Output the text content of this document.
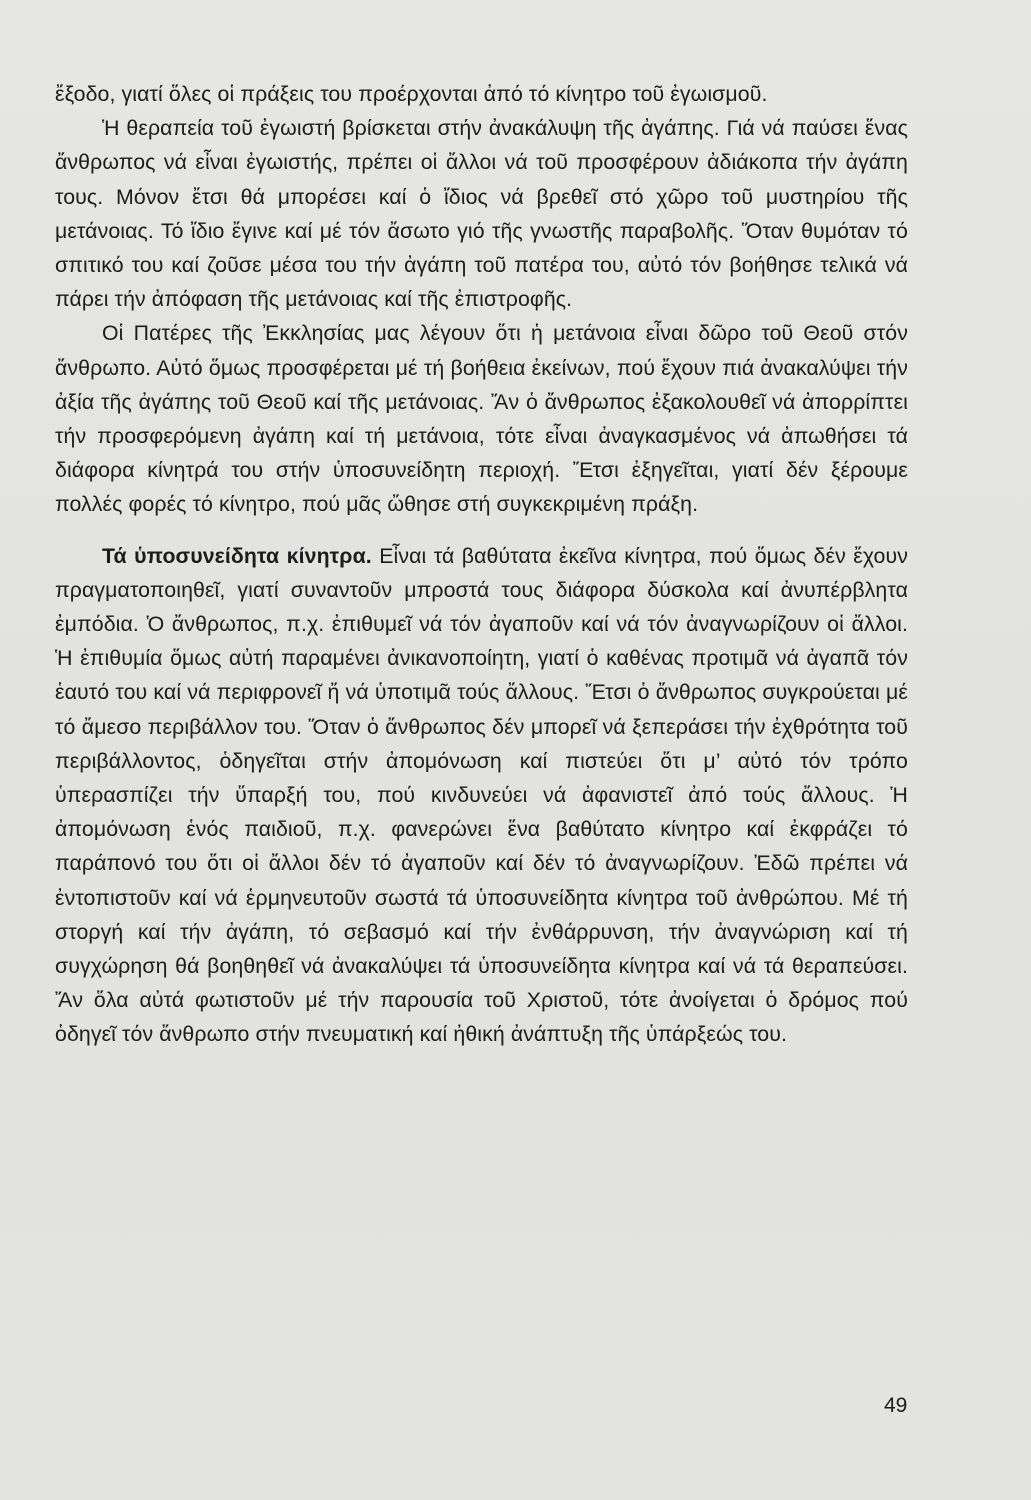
ἔξοδο, γιατί ὅλες οἱ πράξεις του προέρχονται ἀπό τό κίνητρο τοῦ ἐγωισμοῦ.

Ἡ θεραπεία τοῦ ἐγωιστή βρίσκεται στήν ἀνακάλυψη τῆς ἀγάπης. Γιά νά παύσει ἕνας ἄνθρωπος νά εἶναι ἐγωιστής, πρέπει οἱ ἄλλοι νά τοῦ προσφέρουν ἀδιάκοπα τήν ἀγάπη τους. Μόνον ἔτσι θά μπορέσει καί ὁ ἴδιος νά βρεθεῖ στό χῶρο τοῦ μυστηρίου τῆς μετάνοιας. Τό ἴδιο ἔγινε καί μέ τόν ἄσωτο γιό τῆς γνωστῆς παραβολῆς. Ὅταν θυμόταν τό σπιτικό του καί ζοῦσε μέσα του τήν ἀγάπη τοῦ πατέρα του, αὐτό τόν βοήθησε τελικά νά πάρει τήν ἀπόφαση τῆς μετάνοιας καί τῆς ἐπιστροφῆς.

Οἱ Πατέρες τῆς Ἐκκλησίας μας λέγουν ὅτι ἡ μετάνοια εἶναι δῶρο τοῦ Θεοῦ στόν ἄνθρωπο. Αὐτό ὅμως προσφέρεται μέ τή βοήθεια ἐκείνων, πού ἔχουν πιά ἀνακαλύψει τήν ἀξία τῆς ἀγάπης τοῦ Θεοῦ καί τῆς μετάνοιας. Ἄν ὁ ἄνθρωπος ἐξακολουθεῖ νά ἀπορρίπτει τήν προσφερόμενη ἀγάπη καί τή μετάνοια, τότε εἶναι ἀναγκασμένος νά ἀπωθήσει τά διάφορα κίνητρά του στήν ὑποσυνείδητη περιοχή. Ἔτσι ἐξηγεῖται, γιατί δέν ξέρουμε πολλές φορές τό κίνητρο, πού μᾶς ὤθησε στή συγκεκριμένη πράξη.

Τά ὑποσυνείδητα κίνητρα. Εἶναι τά βαθύτατα ἐκεῖνα κίνητρα, πού ὅμως δέν ἔχουν πραγματοποιηθεῖ, γιατί συναντοῦν μπροστά τους διάφορα δύσκολα καί ἀνυπέρβλητα ἐμπόδια. Ὁ ἄνθρωπος, π.χ. ἐπιθυμεῖ νά τόν ἀγαποῦν καί νά τόν ἀναγνωρίζουν οἱ ἄλλοι. Ἡ ἐπιθυμία ὅμως αὐτή παραμένει ἀνικανοποίητη, γιατί ὁ καθένας προτιμᾶ νά ἀγαπᾶ τόν ἑαυτό του καί νά περιφρονεῖ ἤ νά ὑποτιμᾶ τούς ἄλλους. Ἔτσι ὁ ἄνθρωπος συγκρούεται μέ τό ἄμεσο περιβάλλον του. Ὅταν ὁ ἄνθρωπος δέν μπορεῖ νά ξεπεράσει τήν ἐχθρότητα τοῦ περιβάλλοντος, ὁδηγεῖται στήν ἀπομόνωση καί πιστεύει ὅτι μ’ αὐτό τόν τρόπο ὑπερασπίζει τήν ὕπαρξή του, πού κινδυνεύει νά ἀφανιστεῖ ἀπό τούς ἄλλους. Ἡ ἀπομόνωση ἑνός παιδιοῦ, π.χ. φανερώνει ἕνα βαθύτατο κίνητρο καί ἐκφράζει τό παράπονό του ὅτι οἱ ἄλλοι δέν τό ἀγαποῦν καί δέν τό ἀναγνωρίζουν. Ἐδῶ πρέπει νά ἐντοπιστοῦν καί νά ἑρμηνευτοῦν σωστά τά ὑποσυνείδητα κίνητρα τοῦ ἀνθρώπου. Μέ τή στοργή καί τήν ἀγάπη, τό σεβασμό καί τήν ἐνθάρρυνση, τήν ἀναγνώριση καί τή συγχώρηση θά βοηθηθεῖ νά ἀνακαλύψει τά ὑποσυνείδητα κίνητρα καί νά τά θεραπεύσει. Ἄν ὅλα αὐτά φωτιστοῦν μέ τήν παρουσία τοῦ Χριστοῦ, τότε ἀνοίγεται ὁ δρόμος πού ὁδηγεῖ τόν ἄνθρωπο στήν πνευματική καί ἠθική ἀνάπτυξη τῆς ὑπάρξεώς του.

49
